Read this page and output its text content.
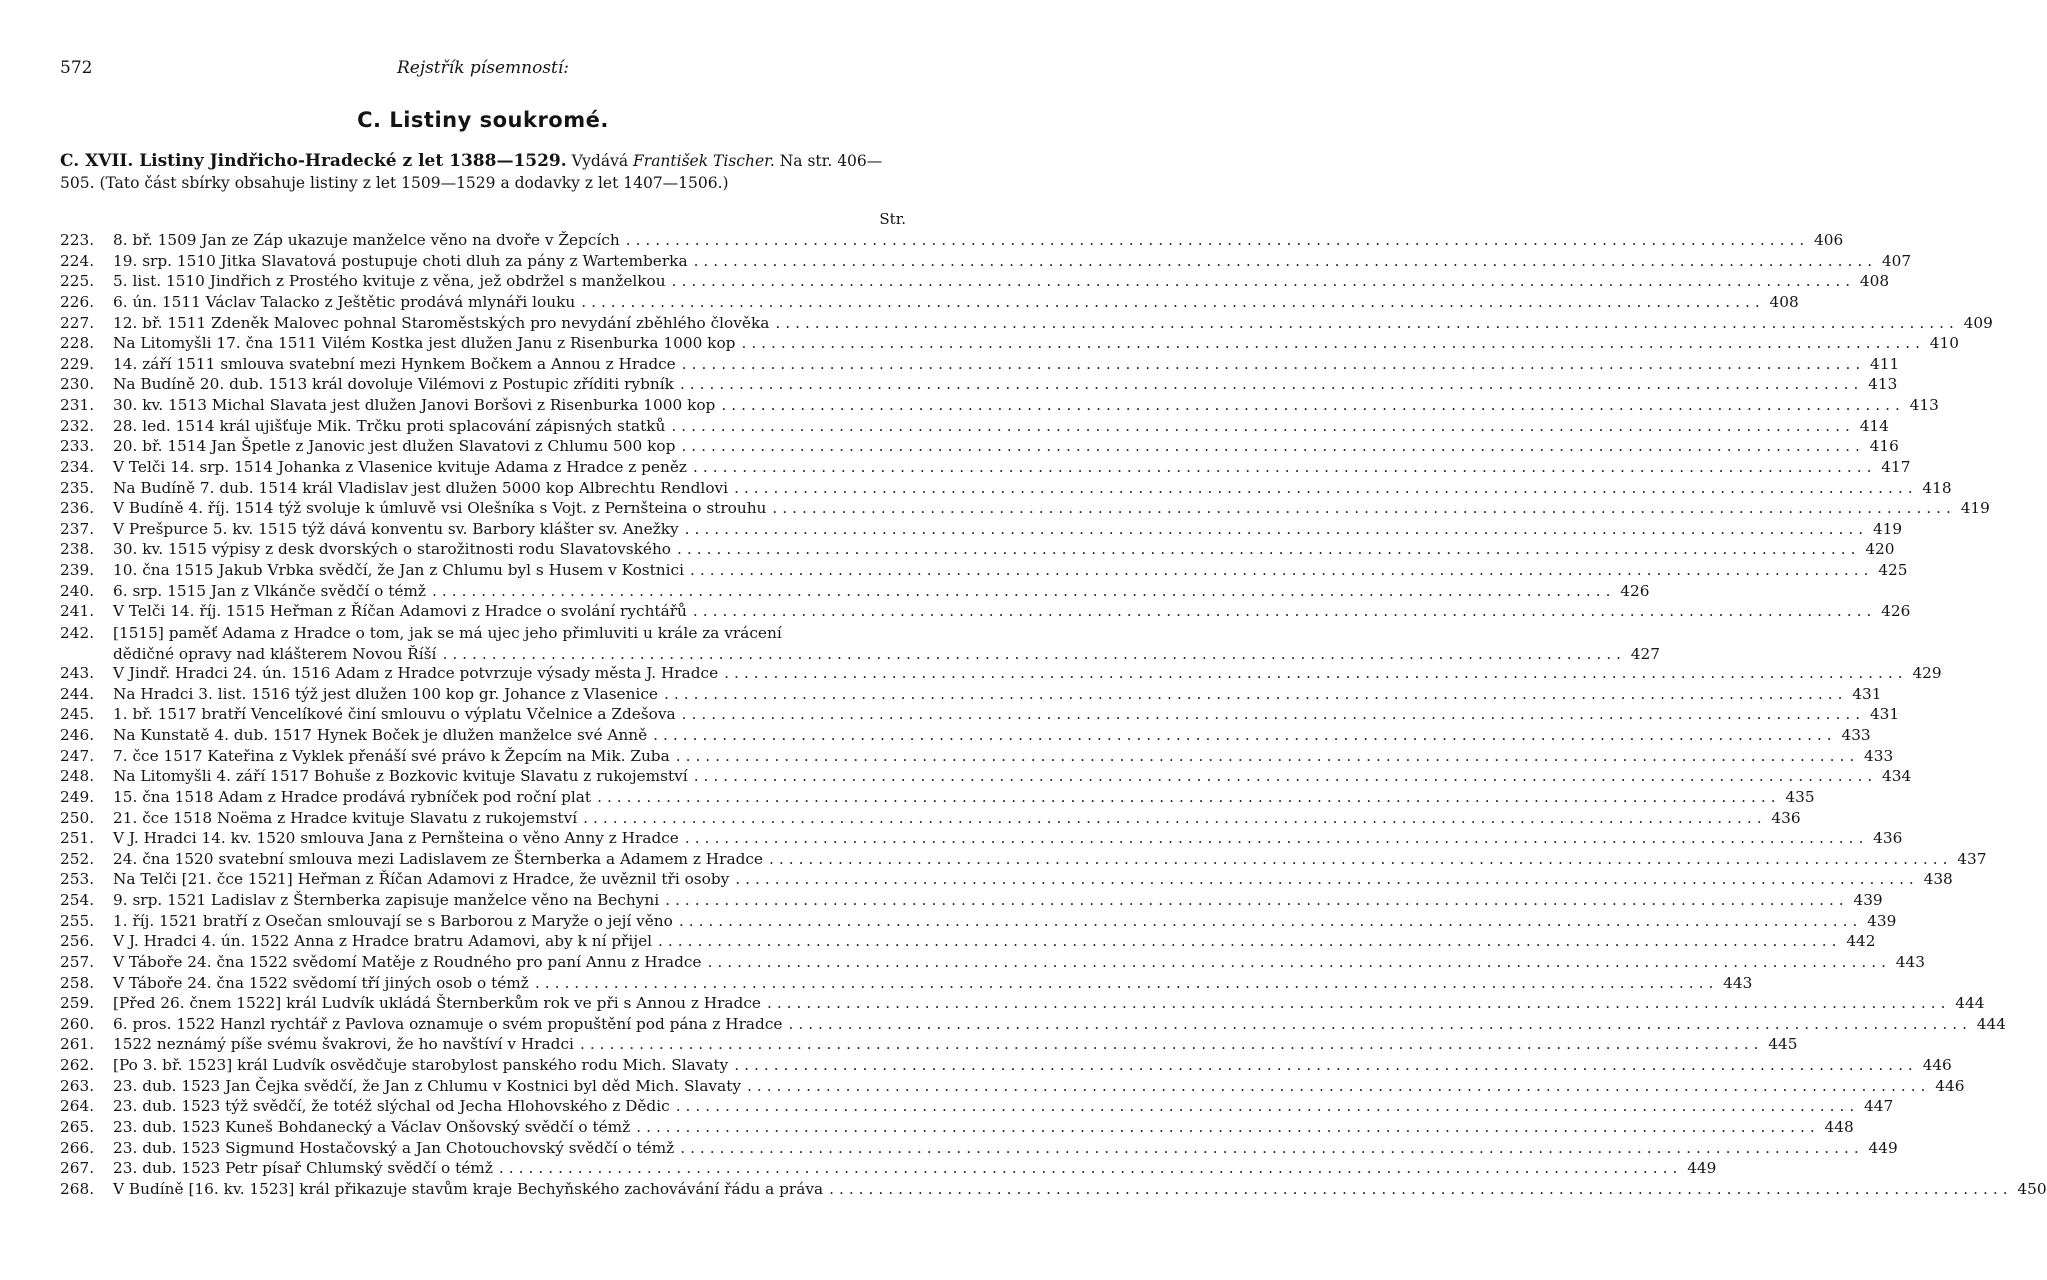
572	Rejstřík písemností:
C. Listiny soukromé.
C. XVII. Listiny Jindřicho-Hradecké z let 1388—1529. Vydává František Tischer. Na str. 406—505. (Tato část sbírky obsahuje listiny z let 1509—1529 a dodavky z let 1407—1506.)
Str.
223.	8. bř. 1509 Jan ze Záp ukazuje manželce věno na dvoře v Žepcích ........................................................................................................................ 406
224.	19. srp. 1510 Jitka Slavatová postupuje choti dluh za pány z Wartemberka ........................................................................................................................ 407
225.	5. list. 1510 Jindřich z Prostého kvituje z věna, jež obdržel s manželkou ........................................................................................................................ 408
226.	6. ún. 1511 Václav Talacko z Ještětic prodává mlynáři louku ........................................................................................................................ 408
227.	12. bř. 1511 Zdeněk Malovec pohnal Staroměstských pro nevydání zběhlého člověka ........................................................................................................................ 409
228.	Na Litomyšli 17. čna 1511 Vilém Kostka jest dlužen Janu z Risenburka 1000 kop ........................................................................................................................ 410
229.	14. září 1511 smlouva svatební mezi Hynkem Bočkem a Annou z Hradce ........................................................................................................................ 411
230.	Na Budíně 20. dub. 1513 král dovoluje Vilémovi z Postupic zříditi rybník ........................................................................................................................ 413
231.	30. kv. 1513 Michal Slavata jest dlužen Janovi Boršovi z Risenburka 1000 kop ........................................................................................................................ 413
232.	28. led. 1514 král ujišťuje Mik. Trčku proti splacování zápisných statků ........................................................................................................................ 414
233.	20. bř. 1514 Jan Špetle z Janovic jest dlužen Slavatovi z Chlumu 500 kop ........................................................................................................................ 416
234.	V Telči 14. srp. 1514 Johanka z Vlasenice kvituje Adama z Hradce z peněz ........................................................................................................................ 417
235.	Na Budíně 7. dub. 1514 král Vladislav jest dlužen 5000 kop Albrechtu Rendlovi ........................................................................................................................ 418
236.	V Budíně 4. říj. 1514 týž svoluje k úmluvě vsi Olešníka s Vojt. z Pernšteina o strouhu ........................................................................................................................ 419
237.	V Prešpurce 5. kv. 1515 týž dává konventu sv. Barbory klášter sv. Anežky ........................................................................................................................ 419
238.	30. kv. 1515 výpisy z desk dvorských o starožitnosti rodu Slavatovského ........................................................................................................................ 420
239.	10. čna 1515 Jakub Vrbka svědčí, že Jan z Chlumu byl s Husem v Kostnici ........................................................................................................................ 425
240.	6. srp. 1515 Jan z Vlkánče svědčí o témž ........................................................................................................................ 426
241.	V Telči 14. říj. 1515 Heřman z Říčan Adamovi z Hradce o svolání rychtářů ........................................................................................................................ 426
242.	[1515] paměť Adama z Hradce o tom, jak se má ujec jeho přimluviti u krále za vrácení
dědičné opravy nad klášterem Novou Říší ........................................................................................................................ 427
243.	V Jindř. Hradci 24. ún. 1516 Adam z Hradce potvrzuje výsady města J. Hradce ........................................................................................................................ 429
244.	Na Hradci 3. list. 1516 týž jest dlužen 100 kop gr. Johance z Vlasenice ........................................................................................................................ 431
245.	1. bř. 1517 bratří Vencelíkové činí smlouvu o výplatu Včelnice a Zdešova ........................................................................................................................ 431
246.	Na Kunstatě 4. dub. 1517 Hynek Boček je dlužen manželce své Anně ........................................................................................................................ 433
247.	7. čce 1517 Kateřina z Vyklek přenáší své právo k Žepcím na Mik. Zuba ........................................................................................................................ 433
248.	Na Litomyšli 4. září 1517 Bohuše z Bozkovic kvituje Slavatu z rukojemství ........................................................................................................................ 434
249.	15. čna 1518 Adam z Hradce prodává rybníček pod roční plat ........................................................................................................................ 435
250.	21. čce 1518 Noëma z Hradce kvituje Slavatu z rukojemství ........................................................................................................................ 436
251.	V J. Hradci 14. kv. 1520 smlouva Jana z Pernšteina o věno Anny z Hradce ........................................................................................................................ 436
252.	24. čna 1520 svatební smlouva mezi Ladislavem ze Šternberka a Adamem z Hradce ........................................................................................................................ 437
253.	Na Telči [21. čce 1521] Heřman z Říčan Adamovi z Hradce, že uvěznil tři osoby ........................................................................................................................ 438
254.	9. srp. 1521 Ladislav z Šternberka zapisuje manželce věno na Bechyni ........................................................................................................................ 439
255.	1. říj. 1521 bratří z Osečan smlouvají se s Barborou z Maryže o její věno ........................................................................................................................ 439
256.	V J. Hradci 4. ún. 1522 Anna z Hradce bratru Adamovi, aby k ní přijel ........................................................................................................................ 442
257.	V Táboře 24. čna 1522 svědomí Matěje z Roudného pro paní Annu z Hradce ........................................................................................................................ 443
258.	V Táboře 24. čna 1522 svědomí tří jiných osob o témž ........................................................................................................................ 443
259.	[Před 26. čnem 1522] král Ludvík ukládá Šternberkům rok ve při s Annou z Hradce ........................................................................................................................ 444
260.	6. pros. 1522 Hanzl rychtář z Pavlova oznamuje o svém propuštění pod pána z Hradce ........................................................................................................................ 444
261.	1522 neznámý píše svému švakrovi, že ho navštíví v Hradci ........................................................................................................................ 445
262.	[Po 3. bř. 1523] král Ludvík osvědčuje starobylost panského rodu Mich. Slavaty ........................................................................................................................ 446
263.	23. dub. 1523 Jan Čejka svědčí, že Jan z Chlumu v Kostnici byl děd Mich. Slavaty ........................................................................................................................ 446
264.	23. dub. 1523 týž svědčí, že totéž slýchal od Jecha Hlohovského z Dědic ........................................................................................................................ 447
265.	23. dub. 1523 Kuneš Bohdanecký a Václav Onšovský svědčí o témž ........................................................................................................................ 448
266.	23. dub. 1523 Sigmund Hostačovský a Jan Chotouchovský svědčí o témž ........................................................................................................................ 449
267.	23. dub. 1523 Petr písař Chlumský svědčí o témž ........................................................................................................................ 449
268.	V Budíně [16. kv. 1523] král přikazuje stavům kraje Bechyňského zachovávání řádu a práva ........................................................................................................................ 450
